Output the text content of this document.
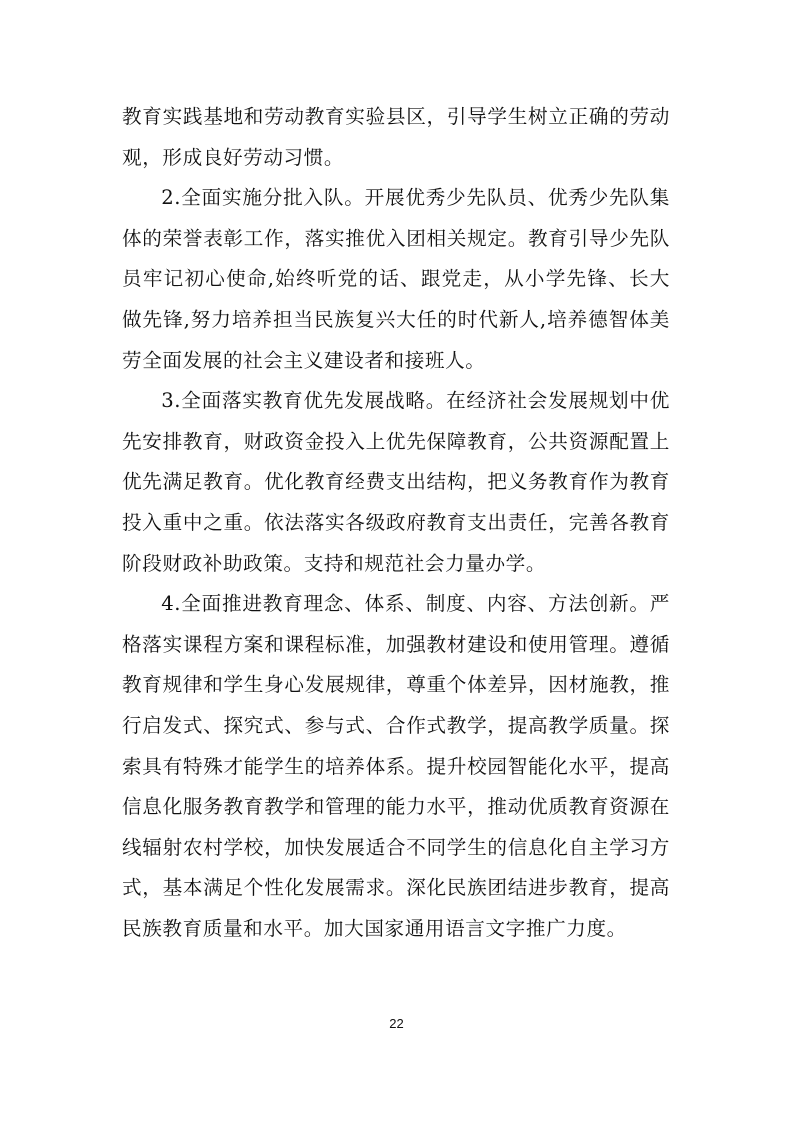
教育实践基地和劳动教育实验县区，引导学生树立正确的劳动观，形成良好劳动习惯。

2.全面实施分批入队。开展优秀少先队员、优秀少先队集体的荣誉表彰工作，落实推优入团相关规定。教育引导少先队员牢记初心使命,始终听党的话、跟党走，从小学先锋、长大做先锋,努力培养担当民族复兴大任的时代新人,培养德智体美劳全面发展的社会主义建设者和接班人。

3.全面落实教育优先发展战略。在经济社会发展规划中优先安排教育，财政资金投入上优先保障教育，公共资源配置上优先满足教育。优化教育经费支出结构，把义务教育作为教育投入重中之重。依法落实各级政府教育支出责任，完善各教育阶段财政补助政策。支持和规范社会力量办学。

4.全面推进教育理念、体系、制度、内容、方法创新。严格落实课程方案和课程标准，加强教材建设和使用管理。遵循教育规律和学生身心发展规律，尊重个体差异，因材施教，推行启发式、探究式、参与式、合作式教学，提高教学质量。探索具有特殊才能学生的培养体系。提升校园智能化水平，提高信息化服务教育教学和管理的能力水平，推动优质教育资源在线辐射农村学校，加快发展适合不同学生的信息化自主学习方式，基本满足个性化发展需求。深化民族团结进步教育，提高民族教育质量和水平。加大国家通用语言文字推广力度。

22
